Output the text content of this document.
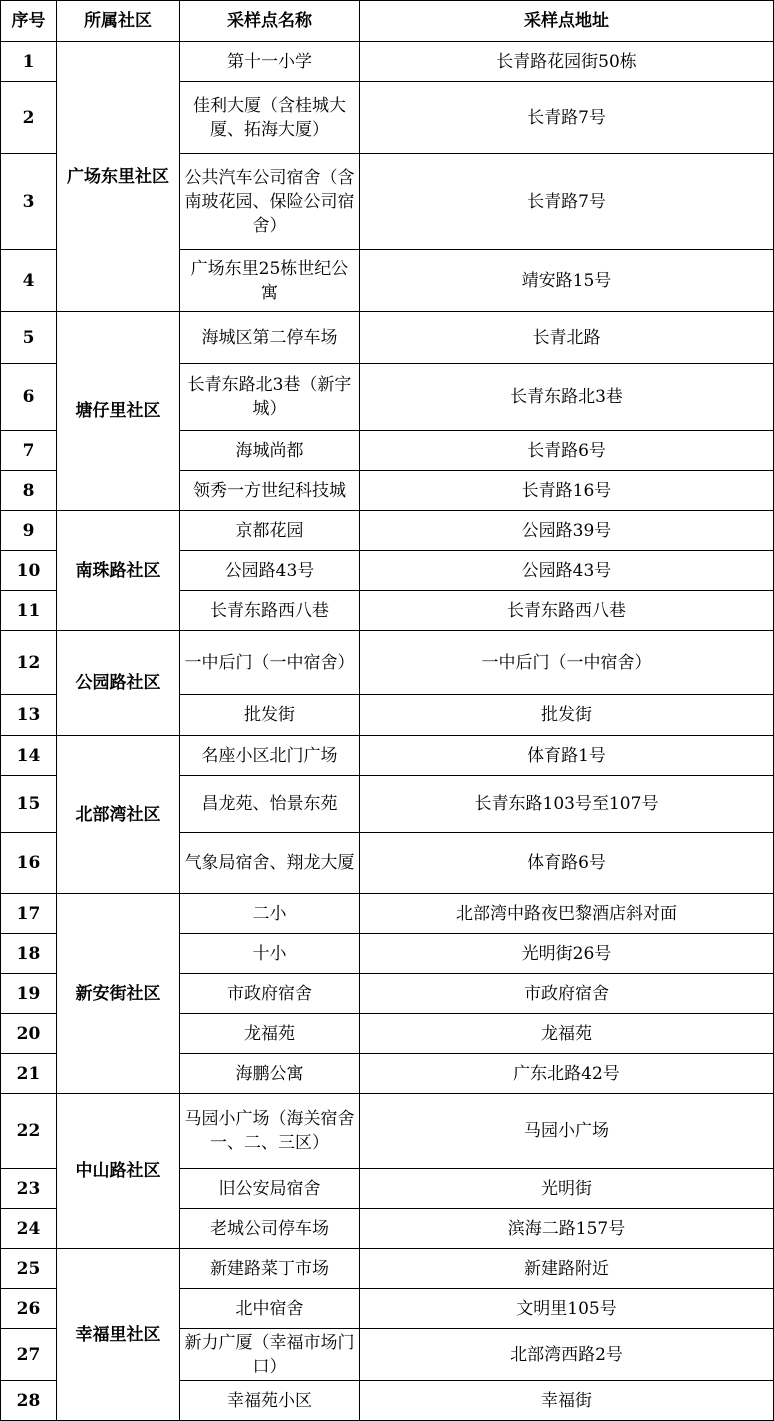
序号	所属社区	采样点名称	采样点地址
1	广场东里社区	第十一小学	长青路花园街50栋
2		佳利大厦（含桂城大厦、拓海大厦）	长青路7号
3		公共汽车公司宿舍（含南玻花园、保险公司宿舍）	长青路7号
4		广场东里25栋世纪公寓	靖安路15号
5	塘仔里社区	海城区第二停车场	长青北路
6		长青东路北3巷（新宇城）	长青东路北3巷
7		海城尚都	长青路6号
8		领秀一方世纪科技城	长青路16号
9	南珠路社区	京都花园	公园路39号
10		公园路43号	公园路43号
11		长青东路西八巷	长青东路西八巷
12	公园路社区	一中后门（一中宿舍）	一中后门（一中宿舍）
13		批发街	批发街
14	北部湾社区	名座小区北门广场	体育路1号
15		昌龙苑、怡景东苑	长青东路103号至107号
16		气象局宿舍、翔龙大厦	体育路6号
17	新安街社区	二小	北部湾中路夜巴黎酒店斜对面
18		十小	光明街26号
19		市政府宿舍	市政府宿舍
20		龙福苑	龙福苑
21		海鹏公寓	广东北路42号
22	中山路社区	马园小广场（海关宿舍一、二、三区）	马园小广场
23		旧公安局宿舍	光明街
24		老城公司停车场	滨海二路157号
25	幸福里社区	新建路菜丁市场	新建路附近
26		北中宿舍	文明里105号
27		新力广厦（幸福市场门口）	北部湾西路2号
28		幸福苑小区	幸福街
